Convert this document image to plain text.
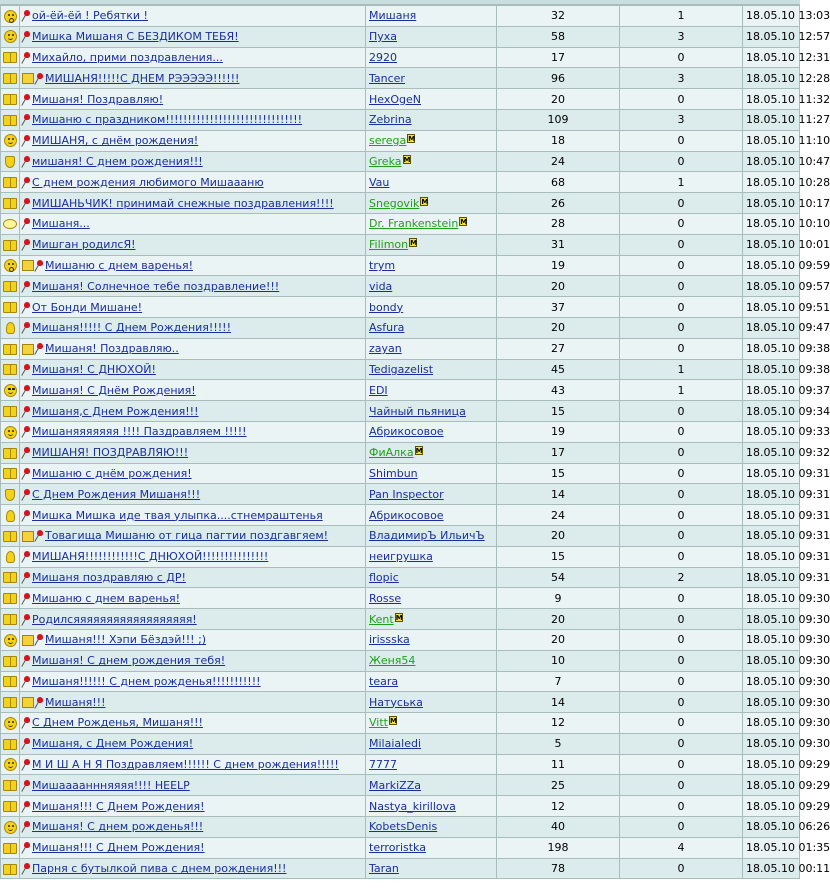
	ой-ёй-ёй ! Ребятки !	Мишаня	32	1	18.05.10 13:03
	Мишка Мишаня С БЕЗДИКОМ ТЕБЯ!	Пуха	58	3	18.05.10 12:57
	Михайло, прими поздравления...	2920	17	0	18.05.10 12:31
	МИШАНЯ!!!!!С ДНЕМ РЭЭЭЭЭ!!!!!!	Tancer	96	3	18.05.10 12:28
	Мишаня! Поздравляю!	HexOgeN	20	0	18.05.10 11:32
	Мишаню с праздником!!!!!!!!!!!!!!!!!!!!!!!!!!!!!!!	Zebrina	109	3	18.05.10 11:27
	МИШАНЯ, с днём рождения!	serega M	18	0	18.05.10 11:10
	мишаня! С днем рождения!!!	Greka M	24	0	18.05.10 10:47
	С днем рождения любимого Мишаааню	Vau	68	1	18.05.10 10:28
	МИШАНЬЧИК! принимай снежные поздравления!!!!	Snegovik M	26	0	18.05.10 10:17
	Мишаня...	Dr. Frankenstein M	28	0	18.05.10 10:10
	Мишган родилсЯ!	Filimon M	31	0	18.05.10 10:01
	Мишаню с днем варенья!	trym	19	0	18.05.10 09:59
	Мишаня! Солнечное тебе поздравление!!!	vida	20	0	18.05.10 09:57
	От Бонди Мишане!	bondy	37	0	18.05.10 09:51
	Мишаня!!!!! С Днем Рождения!!!!!	Asfura	20	0	18.05.10 09:47
	Мишаня! Поздравляю..	zayan	27	0	18.05.10 09:38
	Мишаня! С ДНЮХОЙ!	Tedigazelist	45	1	18.05.10 09:38
	Мишаня! С Днём Рождения!	EDI	43	1	18.05.10 09:37
	Мишаня,с Днем Рождения!!!	Чайный пьяница	15	0	18.05.10 09:34
	Мишаняяяяяяя !!!! Паздравляем !!!!!	Абрикосовое	19	0	18.05.10 09:33
	МИШАНЯ! ПОЗДРАВЛЯЮ!!!	ФиАлка M	17	0	18.05.10 09:32
	Мишаню с днём рождения!	Shimbun	15	0	18.05.10 09:31
	С Днем Рождения Мишаня!!!	Pan Inspector	14	0	18.05.10 09:31
	Мишка Мишка иде твая улыпка....стнемраштенья	Абрикосовое	24	0	18.05.10 09:31
	Товагища Мишаню от гица пагтии поздгавгяем!	ВладимирЪ ИльичЪ	20	0	18.05.10 09:31
	МИШАНЯ!!!!!!!!!!!!С ДНЮХОЙ!!!!!!!!!!!!!!!	неигрушка	15	0	18.05.10 09:31
	Мишаня поздравляю с ДР!	flopic	54	2	18.05.10 09:31
	Мишаню с днем варенья!	Rosse	9	0	18.05.10 09:30
	Родилсяяяяяяяяяяяяяяяяяя!	Kent M	20	0	18.05.10 09:30
	Мишаня!!! Хэпи Бёздэй!!! ;)	irissska	20	0	18.05.10 09:30
	Мишаня! С днем рождения тебя!	Женя54	10	0	18.05.10 09:30
	Мишаня!!!!!! С днем рожденья!!!!!!!!!!!	teara	7	0	18.05.10 09:30
	Мишаня!!!	Натуська	14	0	18.05.10 09:30
	С Днем Рожденья, Мишаня!!!	Vitt M	12	0	18.05.10 09:30
	Мишаня, с Днем Рождения!	Milaialedi	5	0	18.05.10 09:30
	М И Ш А Н Я Поздравляем!!!!!! С днем рождения!!!!!	7777	11	0	18.05.10 09:29
	Мишааааннняяяя!!!! HEELP	MarkiZZa	25	0	18.05.10 09:29
	Мишаня!!! С Днем Рождения!	Nastya_kirillova	12	0	18.05.10 09:29
	Мишаня! С днем рожденья!!!	KobetsDenis	40	0	18.05.10 06:26
	Мишаня!!! С Днем Рождения!	terroristka	198	4	18.05.10 01:35
	Парня с бутылкой пива с днем рождения!!!	Taran	78	0	18.05.10 00:11
